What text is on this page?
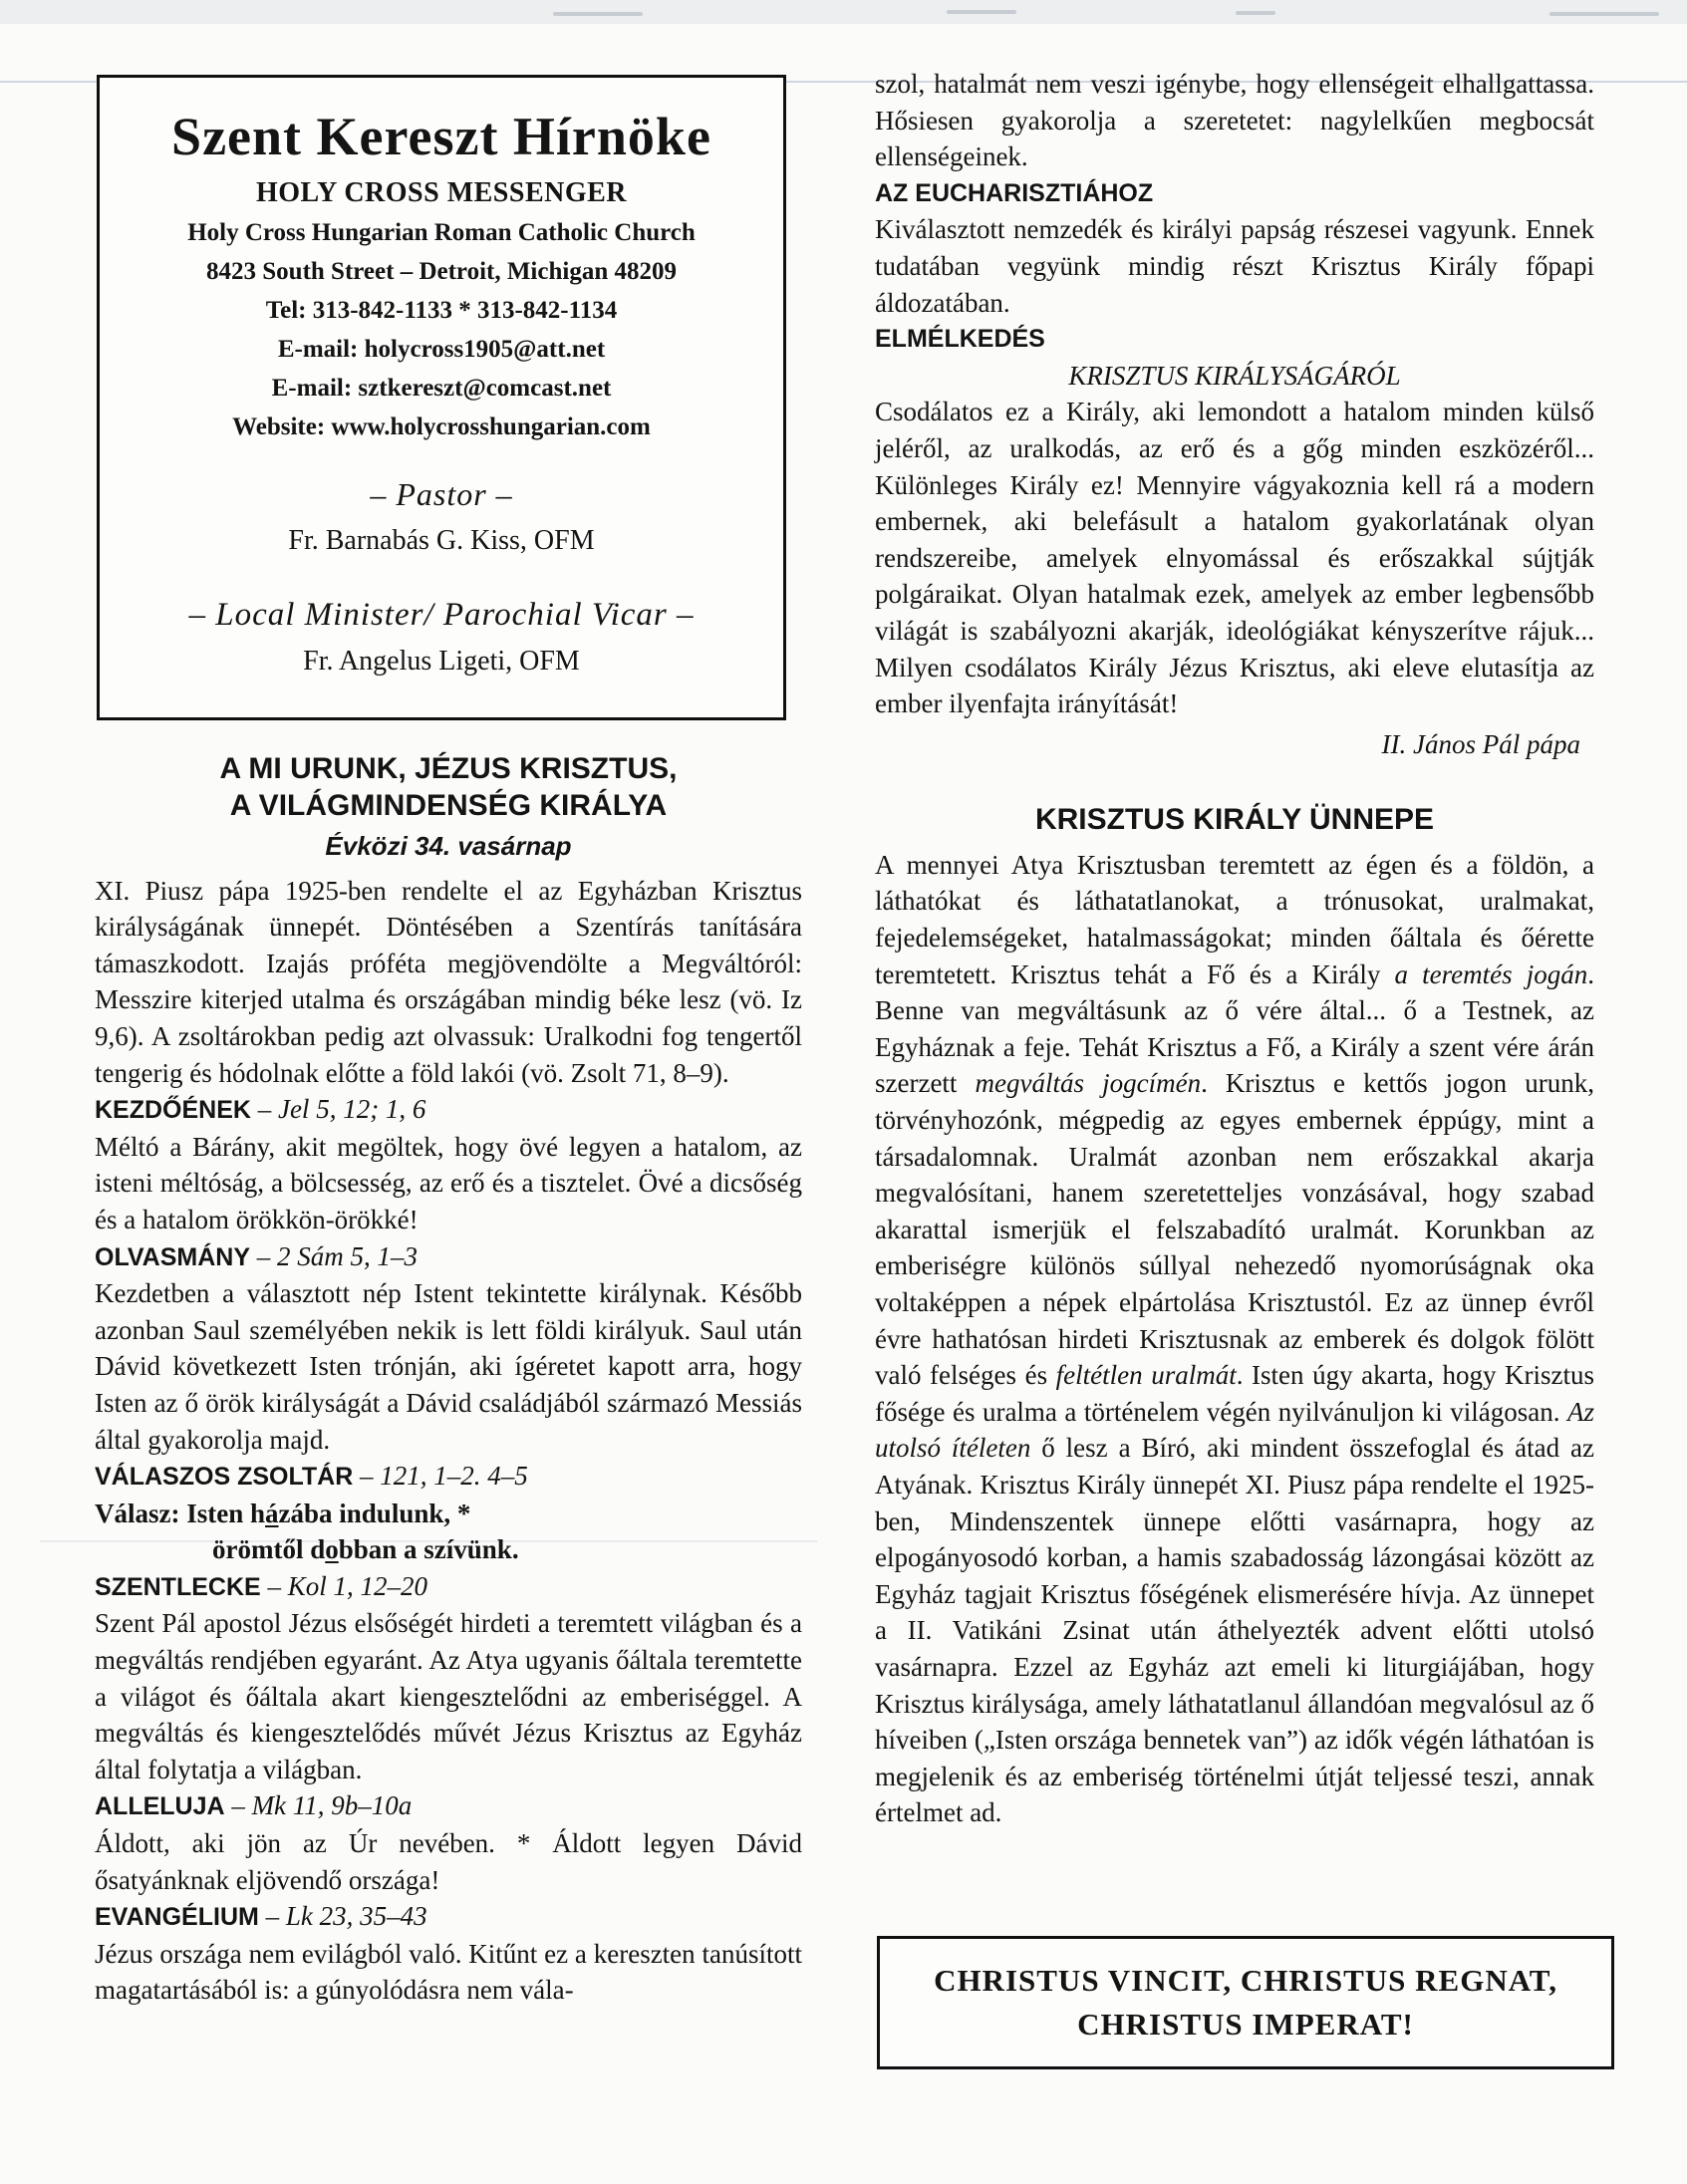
Szent Kereszt Hírnöke
HOLY CROSS MESSENGER
Holy Cross Hungarian Roman Catholic Church
8423 South Street – Detroit, Michigan 48209
Tel: 313-842-1133 * 313-842-1134
E-mail: holycross1905@att.net
E-mail: sztkereszt@comcast.net
Website: www.holycrosshungarian.com
– Pastor –
Fr. Barnabás G. Kiss, OFM
– Local Minister/ Parochial Vicar –
Fr. Angelus Ligeti, OFM
A MI URUNK, JÉZUS KRISZTUS,
A VILÁGMINDENSÉG KIRÁLYA
Évközi 34. vasárnap

XI. Piusz pápa 1925-ben rendelte el az Egyházban Krisztus királyságának ünnepét. Döntésében a Szentírás tanítására támaszkodott. Izajás próféta megjövendölte a Megváltóról: Messzire kiterjed utalma és országában mindig béke lesz (vö. Iz 9,6). A zsoltárokban pedig azt olvassuk: Uralkodni fog tengertől tengerig és hódolnak előtte a föld lakói (vö. Zsolt 71, 8–9).

KEZDŐÉNEK – Jel 5, 12; 1, 6

Méltó a Bárány, akit megöltek, hogy övé legyen a hatalom, az isteni méltóság, a bölcsesség, az erő és a tisztelet. Övé a dicsőség és a hatalom örökkön-örökké!

OLVASMÁNY – 2 Sám 5, 1–3

Kezdetben a választott nép Istent tekintette királynak. Később azonban Saul személyében nekik is lett földi királyuk. Saul után Dávid következett Isten trónján, aki ígéretet kapott arra, hogy Isten az ő örök királyságát a Dávid családjából származó Messiás által gyakorolja majd.

VÁLASZOS ZSOLTÁR – 121, 1–2. 4–5

Válasz: Isten házába indulunk, *

örömtől dobban a szívünk.

SZENTLECKE – Kol 1, 12–20

Szent Pál apostol Jézus elsőségét hirdeti a teremtett világban és a megváltás rendjében egyaránt. Az Atya ugyanis őáltala teremtette a világot és őáltala akart kiengesztelődni az emberiséggel. A megváltás és kiengesztelődés művét Jézus Krisztus az Egyház által folytatja a világban.

ALLELUJA – Mk 11, 9b–10a

Áldott, aki jön az Úr nevében. * Áldott legyen Dávid ősatyánknak eljövendő országa!

EVANGÉLIUM – Lk 23, 35–43

Jézus országa nem evilágból való. Kitűnt ez a kereszten tanúsított magatartásából is: a gúnyolódásra nem vála-

szol, hatalmát nem veszi igénybe, hogy ellenségeit elhallgattassa. Hősiesen gyakorolja a szeretetet: nagylelkűen megbocsát ellenségeinek.

AZ EUCHARISZTIÁHOZ

Kiválasztott nemzedék és királyi papság részesei vagyunk. Ennek tudatában vegyünk mindig részt Krisztus Király főpapi áldozatában.

ELMÉLKEDÉS
KRISZTUS KIRÁLYSÁGÁRÓL

Csodálatos ez a Király, aki lemondott a hatalom minden külső jeléről, az uralkodás, az erő és a gőg minden eszközéről... Különleges Király ez! Mennyire vágyakoznia kell rá a modern embernek, aki belefásult a hatalom gyakorlatának olyan rendszereibe, amelyek elnyomással és erőszakkal sújtják polgáraikat. Olyan hatalmak ezek, amelyek az ember legbensőbb világát is szabályozni akarják, ideológiákat kényszerítve rájuk... Milyen csodálatos Király Jézus Krisztus, aki eleve elutasítja az ember ilyenfajta irányítását!

II. János Pál pápa

KRISZTUS KIRÁLY ÜNNEPE

A mennyei Atya Krisztusban teremtett az égen és a földön, a láthatókat és láthatatlanokat, a trónusokat, uralmakat, fejedelemségeket, hatalmasságokat; minden őáltala és őérette teremtetett. Krisztus tehát a Fő és a Király a teremtés jogán. Benne van megváltásunk az ő vére által... ő a Testnek, az Egyháznak a feje. Tehát Krisztus a Fő, a Király a szent vére árán szerzett megváltás jogcímén. Krisztus e kettős jogon urunk, törvényhozónk, mégpedig az egyes embernek éppúgy, mint a társadalomnak. Uralmát azonban nem erőszakkal akarja megvalósítani, hanem szeretetteljes vonzásával, hogy szabad akarattal ismerjük el felszabadító uralmát. Korunkban az emberiségre különös súllyal nehezedő nyomorúságnak oka voltaképpen a népek elpártolása Krisztustól. Ez az ünnep évről évre hathatósan hirdeti Krisztusnak az emberek és dolgok fölött való felséges és feltétlen uralmát. Isten úgy akarta, hogy Krisztus fősége és uralma a történelem végén nyilvánuljon ki világosan. Az utolsó ítéleten ő lesz a Bíró, aki mindent összefoglal és átad az Atyának. Krisztus Király ünnepét XI. Piusz pápa rendelte el 1925-ben, Mindenszentek ünnepe előtti vasárnapra, hogy az elpogányosodó korban, a hamis szabadosság lázongásai között az Egyház tagjait Krisztus főségének elismerésére hívja. Az ünnepet a II. Vatikáni Zsinat után áthelyezték advent előtti utolsó vasárnapra. Ezzel az Egyház azt emeli ki liturgiájában, hogy Krisztus királysága, amely láthatatlanul állandóan megvalósul az ő híveiben („Isten országa bennetek van”) az idők végén láthatóan is megjelenik és az emberiség történelmi útját teljessé teszi, annak értelmet ad.

CHRISTUS VINCIT, CHRISTUS REGNAT,
CHRISTUS IMPERAT!
